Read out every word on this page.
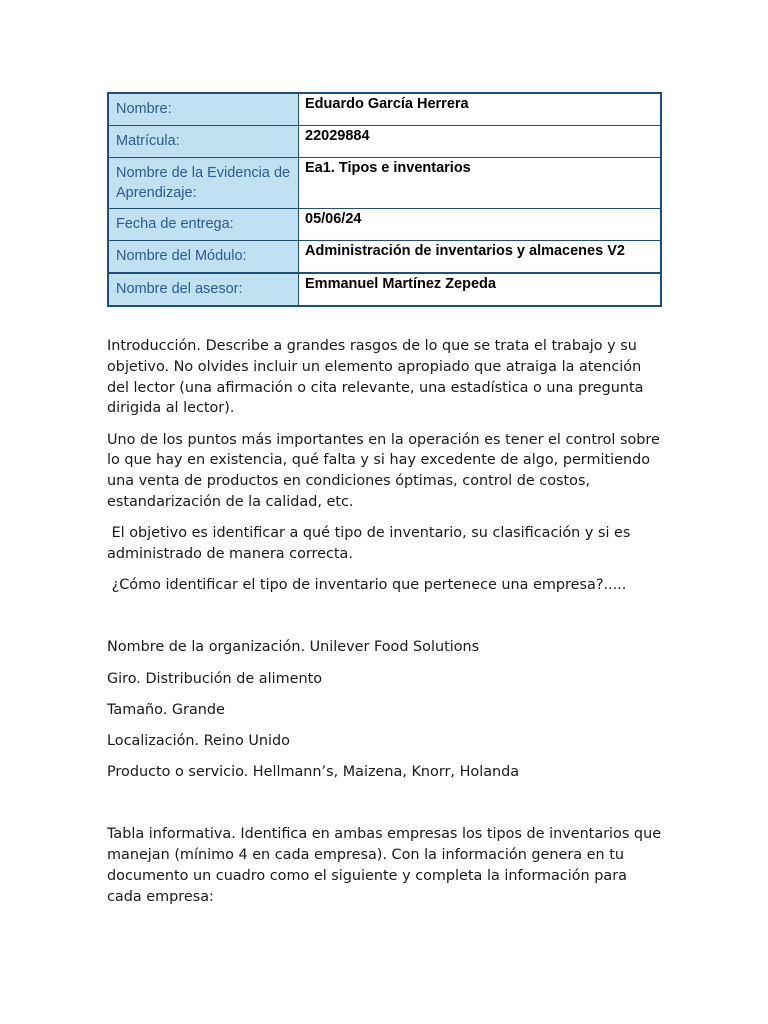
Nombre:	Eduardo García Herrera
Matrícula:	22029884
Nombre de la Evidencia de Aprendizaje:	Ea1. Tipos e inventarios
Fecha de entrega:	05/06/24
Nombre del Módulo:	Administración de inventarios y almacenes V2
Nombre del asesor:	Emmanuel Martínez Zepeda

Introducción. Describe a grandes rasgos de lo que se trata el trabajo y su objetivo. No olvides incluir un elemento apropiado que atraiga la atención del lector (una afirmación o cita relevante, una estadística o una pregunta dirigida al lector).

Uno de los puntos más importantes en la operación es tener el control sobre lo que hay en existencia, qué falta y si hay excedente de algo, permitiendo una venta de productos en condiciones óptimas, control de costos, estandarización de la calidad, etc.

El objetivo es identificar a qué tipo de inventario, su clasificación y si es administrado de manera correcta.

¿Cómo identificar el tipo de inventario que pertenece una empresa?.....

Nombre de la organización. Unilever Food Solutions

Giro. Distribución de alimento

Tamaño. Grande

Localización. Reino Unido

Producto o servicio. Hellmann’s, Maizena, Knorr, Holanda

Tabla informativa. Identifica en ambas empresas los tipos de inventarios que manejan (mínimo 4 en cada empresa). Con la información genera en tu documento un cuadro como el siguiente y completa la información para cada empresa:
